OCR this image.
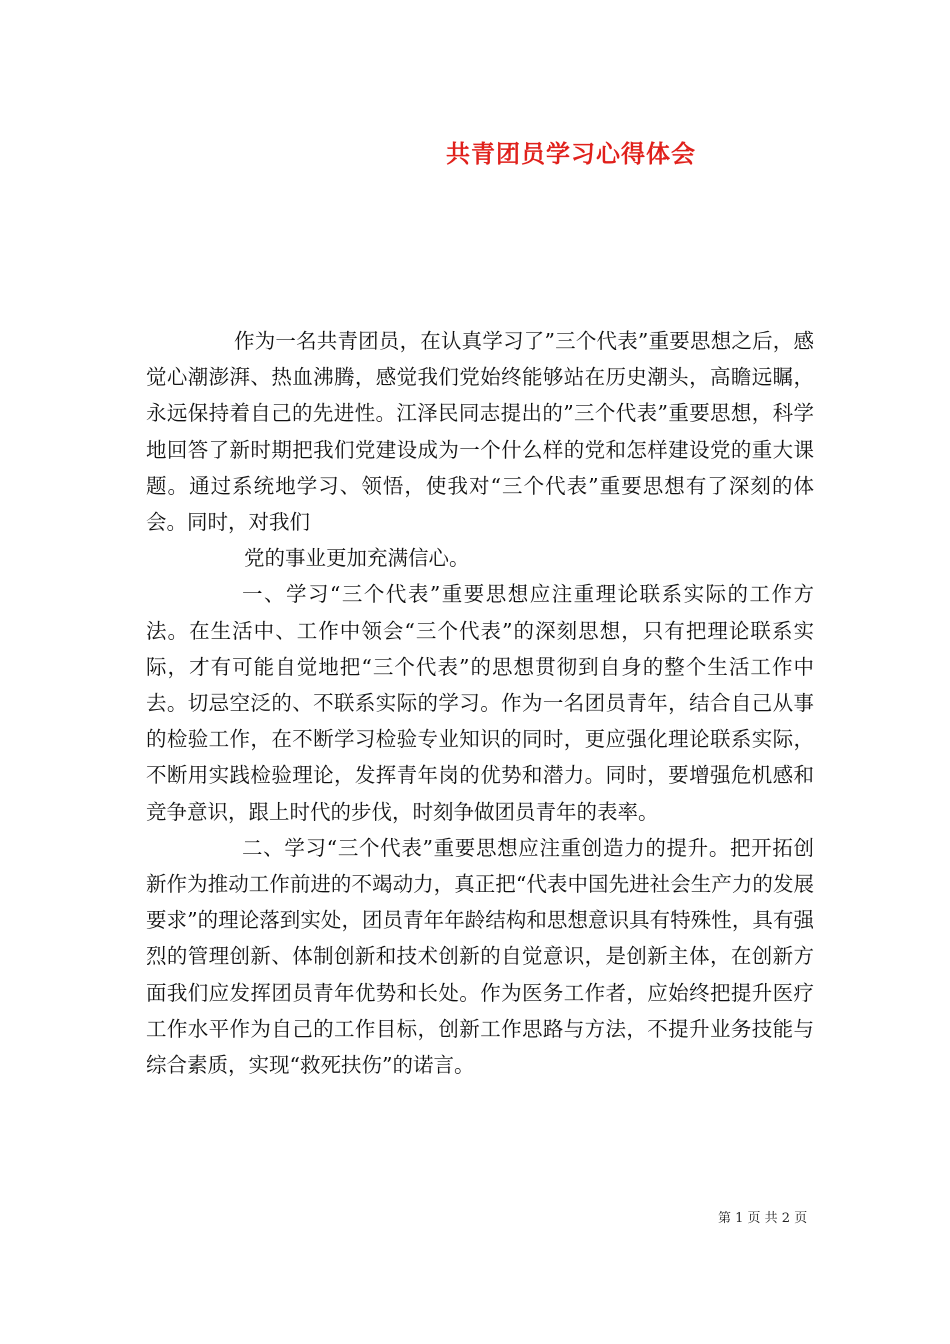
共青团员学习心得体会

作为一名共青团员，在认真学习了”三个代表”重要思想之后，感觉心潮澎湃、热血沸腾，感觉我们党始终能够站在历史潮头，高瞻远瞩，永远保持着自己的先进性。江泽民同志提出的”三个代表”重要思想，科学地回答了新时期把我们党建设成为一个什么样的党和怎样建设党的重大课题。通过系统地学习、领悟，使我对“三个代表”重要思想有了深刻的体会。同时，对我们

党的事业更加充满信心。

一、学习“三个代表”重要思想应注重理论联系实际的工作方法。在生活中、工作中领会“三个代表”的深刻思想，只有把理论联系实际，才有可能自觉地把“三个代表”的思想贯彻到自身的整个生活工作中去。切忌空泛的、不联系实际的学习。作为一名团员青年，结合自己从事的检验工作，在不断学习检验专业知识的同时，更应强化理论联系实际，不断用实践检验理论，发挥青年岗的优势和潜力。同时，要增强危机感和竞争意识，跟上时代的步伐，时刻争做团员青年的表率。

二、学习“三个代表”重要思想应注重创造力的提升。把开拓创新作为推动工作前进的不竭动力，真正把“代表中国先进社会生产力的发展要求”的理论落到实处，团员青年年龄结构和思想意识具有特殊性，具有强烈的管理创新、体制创新和技术创新的自觉意识，是创新主体，在创新方面我们应发挥团员青年优势和长处。作为医务工作者，应始终把提升医疗工作水平作为自己的工作目标，创新工作思路与方法，不提升业务技能与综合素质，实现“救死扶伤”的诺言。

第 1 页 共 2 页
